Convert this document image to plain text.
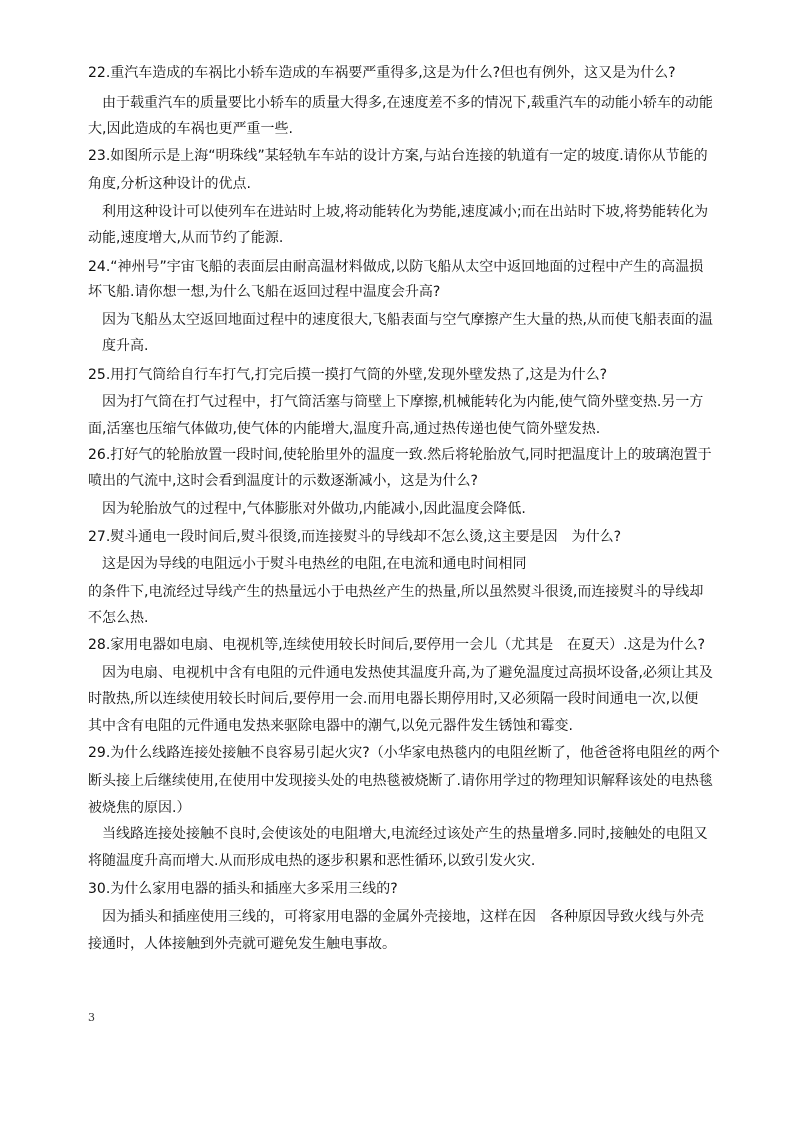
22.重汽车造成的车祸比小轿车造成的车祸要严重得多,这是为什么?但也有例外，这又是为什么?
　由于载重汽车的质量要比小轿车的质量大得多,在速度差不多的情况下,载重汽车的动能小轿车的动能
大,因此造成的车祸也更严重一些.
23.如图所示是上海“明珠线”某轻轨车车站的设计方案,与站台连接的轨道有一定的坡度.请你从节能的
角度,分析这种设计的优点.
　利用这种设计可以使列车在进站时上坡,将动能转化为势能,速度减小;而在出站时下坡,将势能转化为
动能,速度增大,从而节约了能源.
24.“神州号”宇宙飞船的表面层由耐高温材料做成,以防飞船从太空中返回地面的过程中产生的高温损
坏飞船.请你想一想,为什么飞船在返回过程中温度会升高?
　因为飞船丛太空返回地面过程中的速度很大,飞船表面与空气摩擦产生大量的热,从而使飞船表面的温
　度升高.
25.用打气筒给自行车打气,打完后摸一摸打气筒的外壁,发现外壁发热了,这是为什么?
　因为打气筒在打气过程中，打气筒活塞与筒壁上下摩擦,机械能转化为内能,使气筒外壁变热.另一方
面,活塞也压缩气体做功,使气体的内能增大,温度升高,通过热传递也使气筒外壁发热.
26.打好气的轮胎放置一段时间,使轮胎里外的温度一致.然后将轮胎放气,同时把温度计上的玻璃泡置于
喷出的气流中,这时会看到温度计的示数逐渐减小，这是为什么?
　因为轮胎放气的过程中,气体膨胀对外做功,内能减小,因此温度会降低.
27.熨斗通电一段时间后,熨斗很烫,而连接熨斗的导线却不怎么烫,这主要是因　为什么?
　这是因为导线的电阻远小于熨斗电热丝的电阻,在电流和通电时间相同
的条件下,电流经过导线产生的热量远小于电热丝产生的热量,所以虽然熨斗很烫,而连接熨斗的导线却
不怎么热.
28.家用电器如电扇、电视机等,连续使用较长时间后,要停用一会儿（尤其是　在夏天）.这是为什么?
　因为电扇、电视机中含有电阻的元件通电发热使其温度升高,为了避免温度过高损坏设备,必须让其及
时散热,所以连续使用较长时间后,要停用一会.而用电器长期停用时,又必须隔一段时间通电一次,以便
其中含有电阻的元件通电发热来驱除电器中的潮气,以免元器件发生锈蚀和霉变.
29.为什么线路连接处接触不良容易引起火灾?（小华家电热毯内的电阻丝断了，他爸爸将电阻丝的两个
断头接上后继续使用,在使用中发现接头处的电热毯被烧断了.请你用学过的物理知识解释该处的电热毯
被烧焦的原因.）
　当线路连接处接触不良时,会使该处的电阻增大,电流经过该处产生的热量增多.同时,接触处的电阻又
将随温度升高而增大.从而形成电热的逐步积累和恶性循环,以致引发火灾.
30.为什么家用电器的插头和插座大多采用三线的?
　因为插头和插座使用三线的，可将家用电器的金属外壳接地，这样在因　各种原因导致火线与外壳
接通时，人体接触到外壳就可避免发生触电事故。
3
